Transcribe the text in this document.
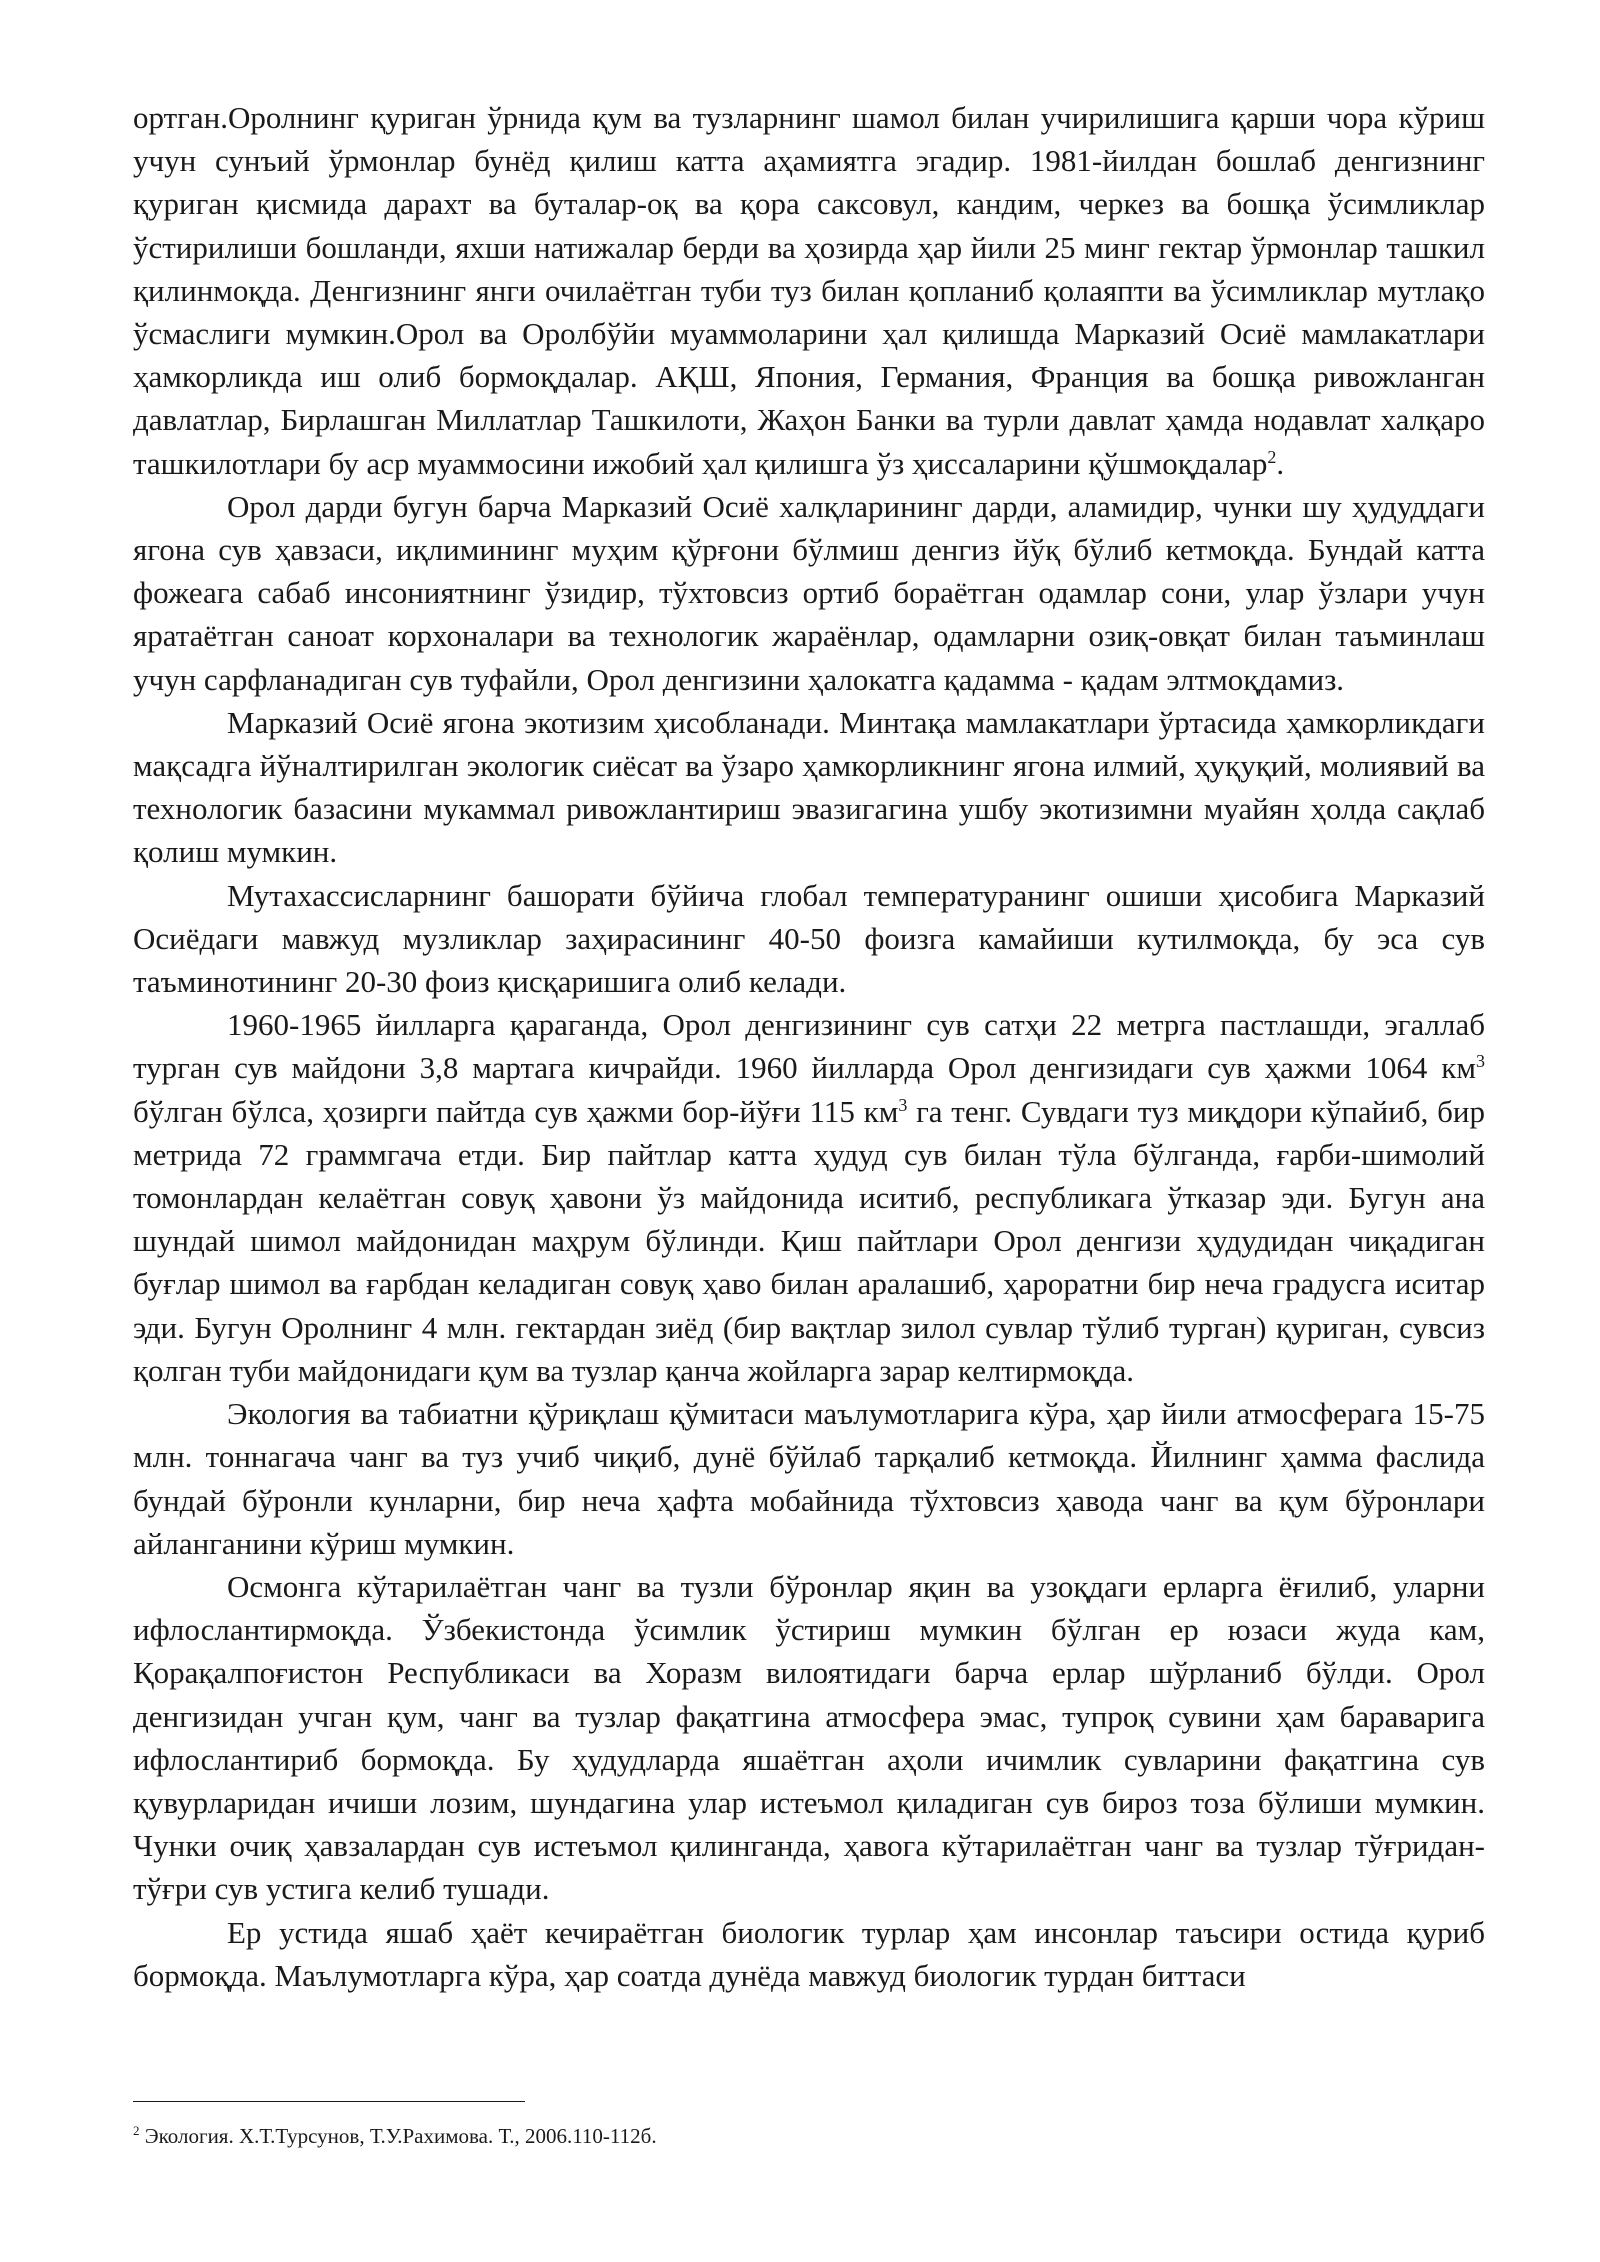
ортган.Оролнинг қуриган ўрнида қум ва тузларнинг шамол билан учирилишига қарши чора кўриш учун сунъий ўрмонлар бунёд қилиш катта аҳамиятга эгадир. 1981-йилдан бошлаб денгизнинг қуриган қисмида дарахт ва буталар-оқ ва қора саксовул, кандим, черкез ва бошқа ўсимликлар ўстирилиши бошланди, яхши натижалар берди ва ҳозирда ҳар йили 25 минг гектар ўрмонлар ташкил қилинмоқда. Денгизнинг янги очилаётган туби туз билан қопланиб қолаяпти ва ўсимликлар мутлақо ўсмаслиги мумкин.Орол ва Оролбўйи муаммоларини ҳал қилишда Марказий Осиё мамлакатлари ҳамкорликда иш олиб бормоқдалар. АҚШ, Япония, Германия, Франция ва бошқа ривожланган давлатлар, Бирлашган Миллатлар Ташкилоти, Жаҳон Банки ва турли давлат ҳамда нодавлат халқаро ташкилотлари бу аср муаммосини ижобий ҳал қилишга ўз ҳиссаларини қўшмоқдалар$^2$.

Орол дарди бугун барча Марказий Осиё халқларининг дарди, аламидир, чунки шу ҳудуддаги ягона сув ҳавзаси, иқлимининг муҳим қўрғони бўлмиш денгиз йўқ бўлиб кетмоқда. Бундай катта фожеага сабаб инсониятнинг ўзидир, тўхтовсиз ортиб бораётган одамлар сони, улар ўзлари учун яратаётган саноат корхоналари ва технологик жараёнлар, одамларни озиқ-овқат билан таъминлаш учун сарфланадиган сув туфайли, Орол денгизини ҳалокатга қадамма - қадам элтмоқдамиз.

Марказий Осиё ягона экотизим ҳисобланади. Минтақа мамлакатлари ўртасида ҳамкорликдаги мақсадга йўналтирилган экологик сиёсат ва ўзаро ҳамкорликнинг ягона илмий, ҳуқуқий, молиявий ва технологик базасини мукаммал ривожлантириш эвазигагина ушбу экотизимни муайян ҳолда сақлаб қолиш мумкин.

Мутахассисларнинг башорати бўйича глобал температуранинг ошиши ҳисобига Марказий Осиёдаги мавжуд музликлар заҳирасининг 40-50 фоизга камайиши кутилмоқда, бу эса сув таъминотининг 20-30 фоиз қисқаришига олиб келади.

1960-1965 йилларга қараганда, Орол денгизининг сув сатҳи 22 метрга пастлашди, эгаллаб турган сув майдони 3,8 мартага кичрайди. 1960 йилларда Орол денгизидаги сув ҳажми 1064 $км^3$ бўлган бўлса, ҳозирги пайтда сув ҳажми бор-йўғи 115 $км^3$ га тенг. Сувдаги туз миқдори кўпайиб, бир метрида 72 граммгача етди. Бир пайтлар катта ҳудуд сув билан тўла бўлганда, ғарби-шимолий томонлардан келаётган совуқ ҳавони ўз майдонида иситиб, республикага ўтказар эди. Бугун ана шундай шимол майдонидан маҳрум бўлинди. Қиш пайтлари Орол денгизи ҳудудидан чиқадиган буғлар шимол ва ғарбдан келадиган совуқ ҳаво билан аралашиб, ҳароратни бир неча градусга иситар эди. Бугун Оролнинг 4 млн. гектардан зиёд (бир вақтлар зилол сувлар тўлиб турган) қуриган, сувсиз қолган туби майдонидаги қум ва тузлар қанча жойларга зарар келтирмоқда.

Экология ва табиатни қўриқлаш қўмитаси маълумотларига кўра, ҳар йили атмосферага 15-75 млн. тоннагача чанг ва туз учиб чиқиб, дунё бўйлаб тарқалиб кетмоқда. Йилнинг ҳамма фаслида бундай бўронли кунларни, бир неча ҳафта мобайнида тўхтовсиз ҳавода чанг ва қум бўронлари айланганини кўриш мумкин.

Осмонга кўтарилаётган чанг ва тузли бўронлар яқин ва узоқдаги ерларга ёғилиб, уларни ифлослантирмоқда. Ўзбекистонда ўсимлик ўстириш мумкин бўлган ер юзаси жуда кам, Қорақалпоғистон Республикаси ва Хоразм вилоятидаги барча ерлар шўрланиб бўлди. Орол денгизидан учган қум, чанг ва тузлар фақатгина атмосфера эмас, тупроқ сувини ҳам бараварига ифлослантириб бормоқда. Бу ҳудудларда яшаётган аҳоли ичимлик сувларини фақатгина сув қувурларидан ичиши лозим, шундагина улар истеъмол қиладиган сув бироз тоза бўлиши мумкин. Чунки очиқ ҳавзалардан сув истеъмол қилинганда, ҳавога кўтарилаётган чанг ва тузлар тўғридан-тўғри сув устига келиб тушади.

Ер устида яшаб ҳаёт кечираётган биологик турлар ҳам инсонлар таъсири остида қуриб бормоқда. Маълумотларга кўра, ҳар соатда дунёда мавжуд биологик турдан биттаси

$^2$ Экология. Х.Т.Турсунов, Т.У.Рахимова. Т., 2006.110-112б.
